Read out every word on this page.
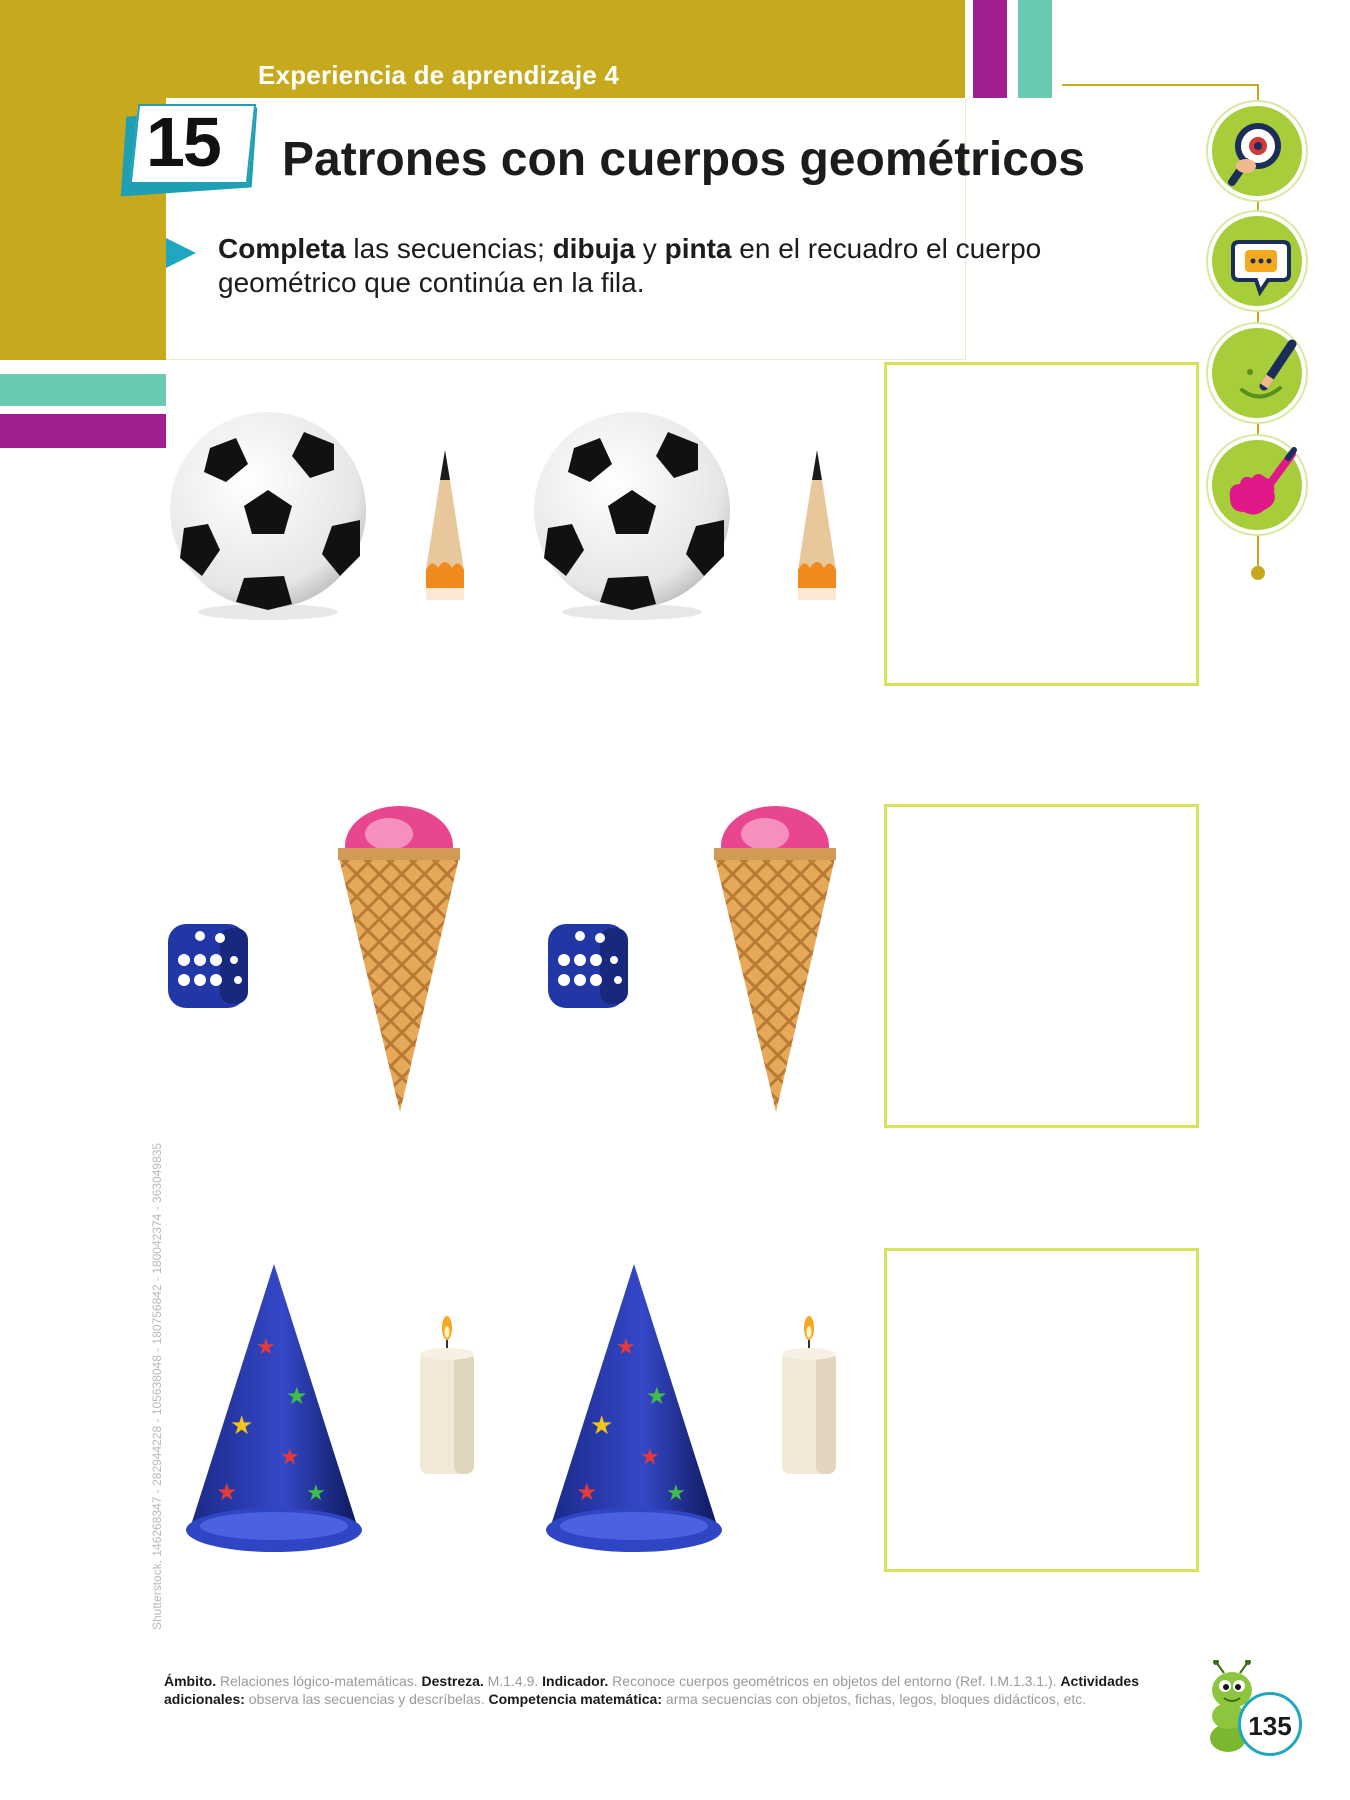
Experiencia de aprendizaje 4
15 Patrones con cuerpos geométricos

Completa las secuencias; dibuja y pinta en el recuadro el cuerpo geométrico que continúa en la fila.

★
★
★
★
★	★
★
★
★
★
★	★
Shutterstock, 146268347 - 282944228 - 105638048 - 180756842 - 180042374 - 363049835
Ámbito. Relaciones lógico-matemáticas. Destreza. M.1.4.9. Indicador. Reconoce cuerpos geométricos en objetos del entorno (Ref. I.M.1.3.1.). Actividades adicionales: observa las secuencias y descríbelas. Competencia matemática: arma secuencias con objetos, fichas, legos, bloques didácticos, etc.
135
